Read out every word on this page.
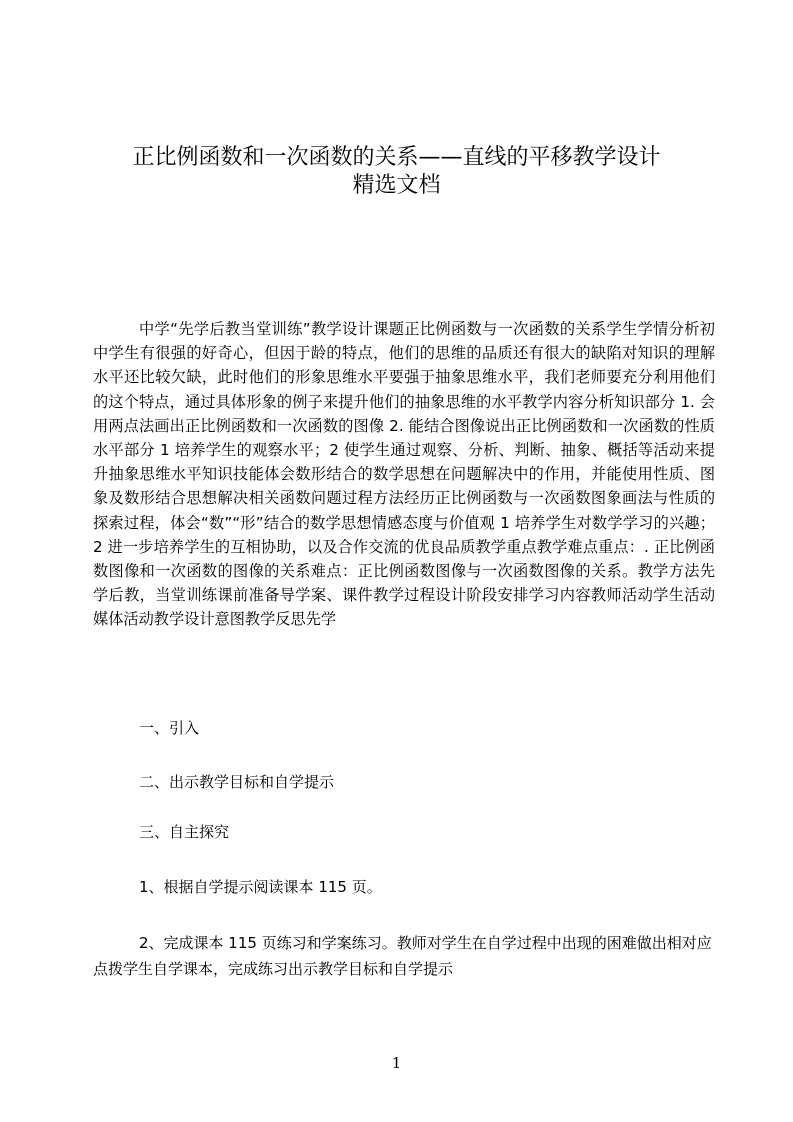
正比例函数和一次函数的关系——直线的平移教学设计
精选文档

中学“先学后教当堂训练”教学设计课题正比例函数与一次函数的关系学生学情分析初中学生有很强的好奇心，但因于龄的特点，他们的思维的品质还有很大的缺陷对知识的理解水平还比较欠缺，此时他们的形象思维水平要强于抽象思维水平，我们老师要充分利用他们的这个特点，通过具体形象的例子来提升他们的抽象思维的水平教学内容分析知识部分 1. 会用两点法画出正比例函数和一次函数的图像 2. 能结合图像说出正比例函数和一次函数的性质水平部分 1 培养学生的观察水平；2 使学生通过观察、分析、判断、抽象、概括等活动来提升抽象思维水平知识技能体会数形结合的数学思想在问题解决中的作用，并能使用性质、图象及数形结合思想解决相关函数问题过程方法经历正比例函数与一次函数图象画法与性质的探索过程，体会“数”“形”结合的数学思想情感态度与价值观 1 培养学生对数学学习的兴趣；2 进一步培养学生的互相协助，以及合作交流的优良品质教学重点教学难点重点：. 正比例函数图像和一次函数的图像的关系难点：正比例函数图像与一次函数图像的关系。教学方法先学后教，当堂训练课前准备导学案、课件教学过程设计阶段安排学习内容教师活动学生活动媒体活动教学设计意图教学反思先学

一、引入

二、出示教学目标和自学提示

三、自主探究

1、根据自学提示阅读课本 115 页。

2、完成课本 115 页练习和学案练习。教师对学生在自学过程中出现的困难做出相对应点拨学生自学课本，完成练习出示教学目标和自学提示

1
